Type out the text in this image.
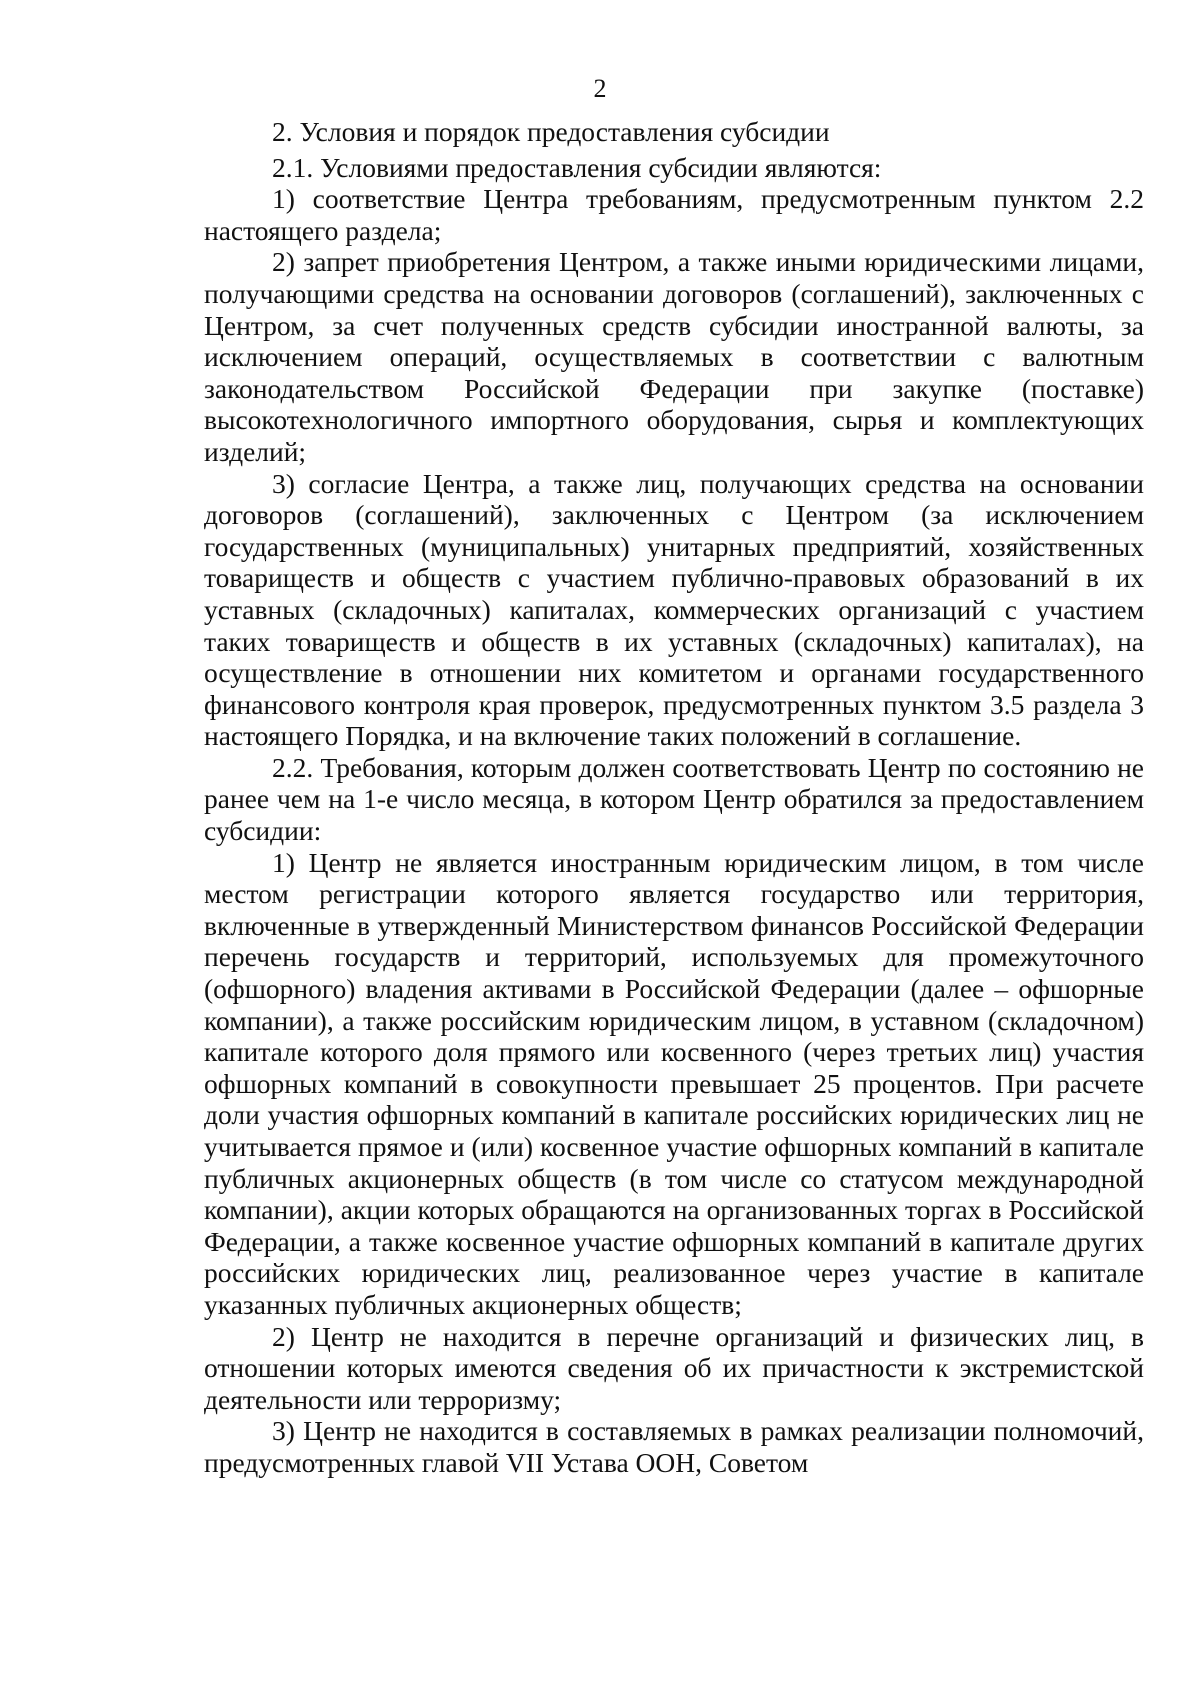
2

2. Условия и порядок предоставления субсидии

2.1. Условиями предоставления субсидии являются:

1) соответствие Центра требованиям, предусмотренным пунктом 2.2 настоящего раздела;

2) запрет приобретения Центром, а также иными юридическими лицами, получающими средства на основании договоров (соглашений), заключенных с Центром, за счет полученных средств субсидии иностранной валюты, за исключением операций, осуществляемых в соответствии с валютным законодательством Российской Федерации при закупке (поставке) высокотехнологичного импортного оборудования, сырья и комплектующих изделий;

3) согласие Центра, а также лиц, получающих средства на основании договоров (соглашений), заключенных с Центром (за исключением государственных (муниципальных) унитарных предприятий, хозяйственных товариществ и обществ с участием публично-правовых образований в их уставных (складочных) капиталах, коммерческих организаций с участием таких товариществ и обществ в их уставных (складочных) капиталах), на осуществление в отношении них комитетом и органами государственного финансового контроля края проверок, предусмотренных пунктом 3.5 раздела 3 настоящего Порядка, и на включение таких положений в соглашение.

2.2. Требования, которым должен соответствовать Центр по состоянию не ранее чем на 1-е число месяца, в котором Центр обратился за предоставлением субсидии:

1) Центр не является иностранным юридическим лицом, в том числе местом регистрации которого является государство или территория, включенные в утвержденный Министерством финансов Российской Федерации перечень государств и территорий, используемых для промежуточного (офшорного) владения активами в Российской Федерации (далее – офшорные компании), а также российским юридическим лицом, в уставном (складочном) капитале которого доля прямого или косвенного (через третьих лиц) участия офшорных компаний в совокупности превышает 25 процентов. При расчете доли участия офшорных компаний в капитале российских юридических лиц не учитывается прямое и (или) косвенное участие офшорных компаний в капитале публичных акционерных обществ (в том числе со статусом международной компании), акции которых обращаются на организованных торгах в Российской Федерации, а также косвенное участие офшорных компаний в капитале других российских юридических лиц, реализованное через участие в капитале указанных публичных акционерных обществ;

2) Центр не находится в перечне организаций и физических лиц, в отношении которых имеются сведения об их причастности к экстремистской деятельности или терроризму;

3) Центр не находится в составляемых в рамках реализации полномочий, предусмотренных главой VII Устава ООН, Советом
